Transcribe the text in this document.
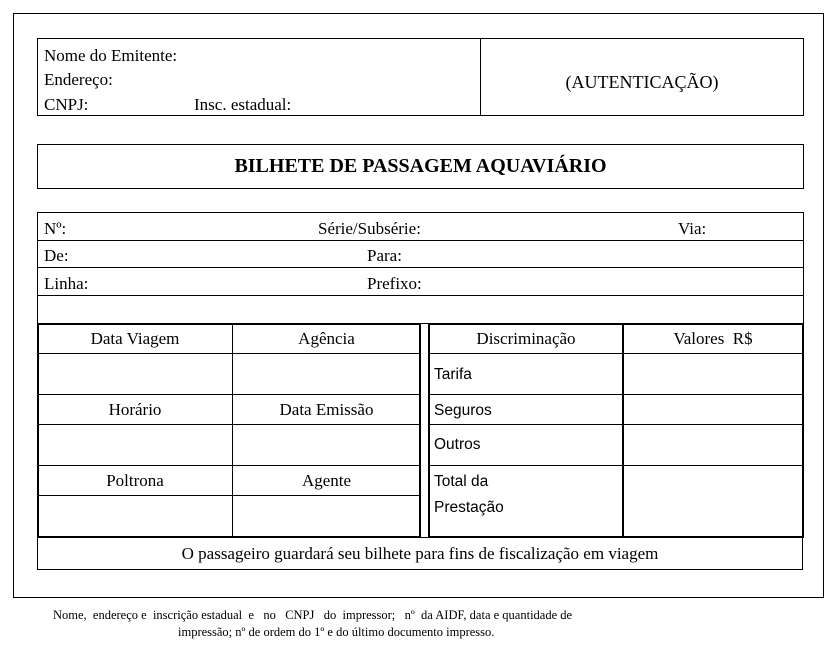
Nome do Emitente:
Endereço:
CNPJ:	Insc. estadual:
(AUTENTICAÇÃO)
BILHETE DE PASSAGEM AQUAVIÁRIO
Nº:	Série/Subsérie:	Via:
De:	Para:
Linha:	Prefixo:
Data Viagem	Agência
Horário	Data Emissão
Poltrona	Agente
Discriminação	Valores  R$
Tarifa
Seguros
Outros
Total da
Prestação
O passageiro guardará seu bilhete para fins de fiscalização em viagem
Nome,  endereço e  inscrição estadual  e   no   CNPJ   do  impressor;   nº  da AIDF, data e quantidade de
impressão; nº de ordem do 1º e do último documento impresso.
